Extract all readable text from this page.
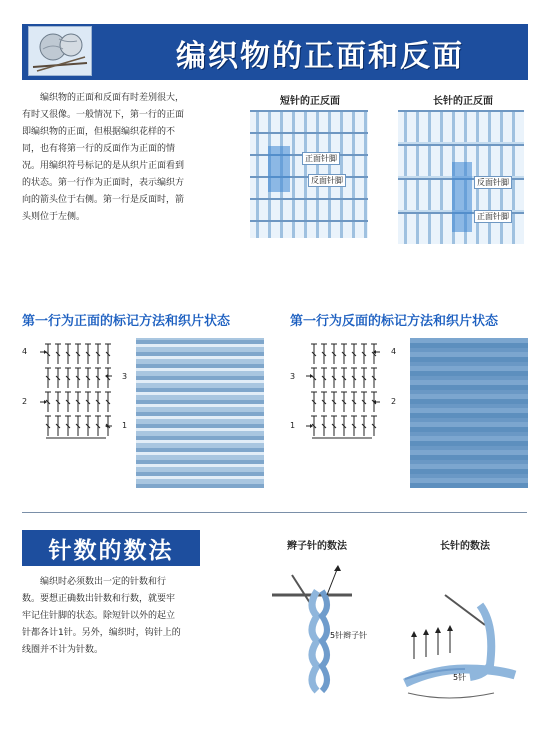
编织物的正面和反面
编织物的正面和反面有时差别很大，
有时又很像。一般情况下，第一行的正面
即编织物的正面，但根据编织花样的不
同，也有将第一行的反面作为正面的情
况。用编织符号标记的是从织片正面看到
的状态。第一行作为正面时，表示编织方
向的箭头位于右侧。第一行是反面时，箭
头则位于左侧。
短针的正反面
正面针脚
反面针脚
长针的正反面
反面针脚
正面针脚
第一行为正面的标记方法和织片状态
4
3
2
1
第一行为反面的标记方法和织片状态
4
3
2
1
针数的数法
编织时必须数出一定的针数和行
数。要想正确数出针数和行数，就要牢
牢记住针脚的状态。除短针以外的起立
针都各计1针。另外，编织时，钩针上的
线圈并不计为针数。
辫子针的数法
5针辫子针
长针的数法
5针
